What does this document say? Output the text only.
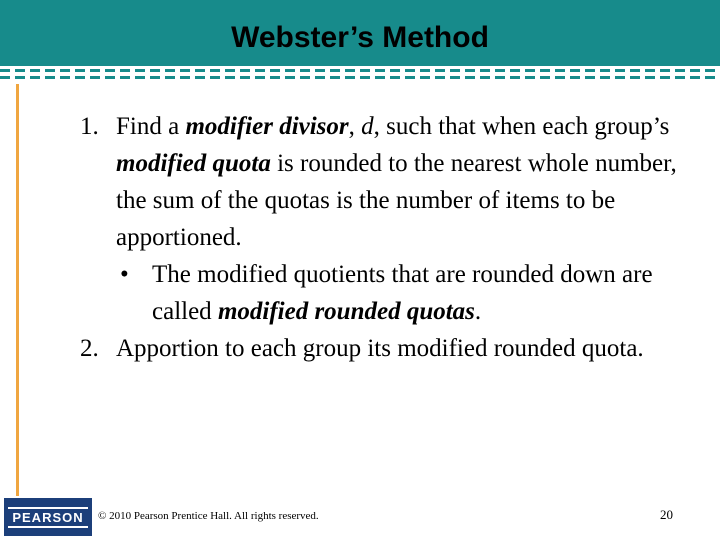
Webster’s Method
1. Find a modifier divisor, d, such that when each group’s modified quota is rounded to the nearest whole number, the sum of the quotas is the number of items to be apportioned.
• The modified quotients that are rounded down are called modified rounded quotas.
2. Apportion to each group its modified rounded quota.
PEARSON	© 2010 Pearson Prentice Hall. All rights reserved.	20
